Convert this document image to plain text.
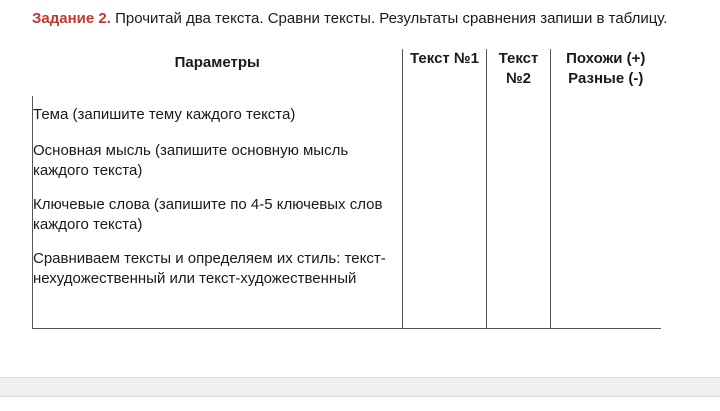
Задание 2. Прочитай два текста. Сравни тексты. Результаты сравнения запиши в таблицу.
Параметры	Текст №1	Текст №2	Похожи (+) Разные (-)

Тема (запишите тему каждого текста)			
Основная мысль (запишите основную мысль каждого текста)			
Ключевые слова (запишите по 4-5 ключевых слов каждого текста)			
Сравниваем тексты и определяем их стиль: текст-нехудожественный или текст-художественный			
